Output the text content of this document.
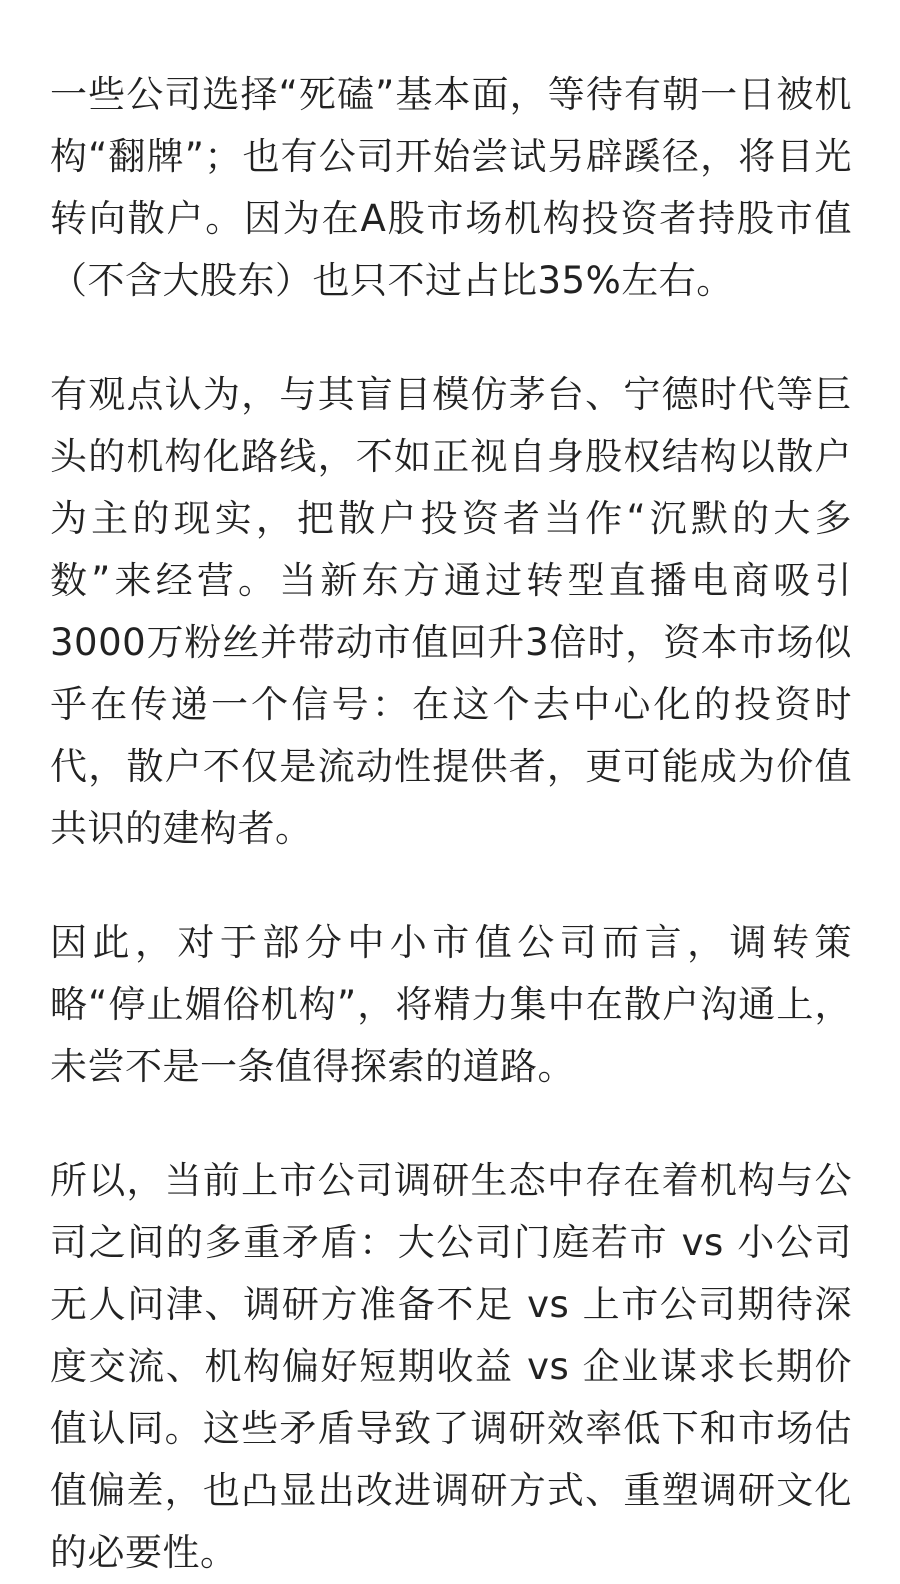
一些公司选择“死磕”基本面，等待有朝一日被机构“翻牌”；也有公司开始尝试另辟蹊径，将目光转向散户。因为在A股市场机构投资者持股市值（不含大股东）也只不过占比35%左右。

有观点认为，与其盲目模仿茅台、宁德时代等巨头的机构化路线，不如正视自身股权结构以散户为主的现实，把散户投资者当作“沉默的大多数”来经营。当新东方通过转型直播电商吸引3000万粉丝并带动市值回升3倍时，资本市场似乎在传递一个信号：在这个去中心化的投资时代，散户不仅是流动性提供者，更可能成为价值共识的建构者。

因此，对于部分中小市值公司而言，调转策略“停止媚俗机构”，将精力集中在散户沟通上，未尝不是一条值得探索的道路。

所以，当前上市公司调研生态中存在着机构与公司之间的多重矛盾：大公司门庭若市 vs 小公司无人问津、调研方准备不足 vs 上市公司期待深度交流、机构偏好短期收益 vs 企业谋求长期价值认同。这些矛盾导致了调研效率低下和市场估值偏差，也凸显出改进调研方式、重塑调研文化的必要性。
